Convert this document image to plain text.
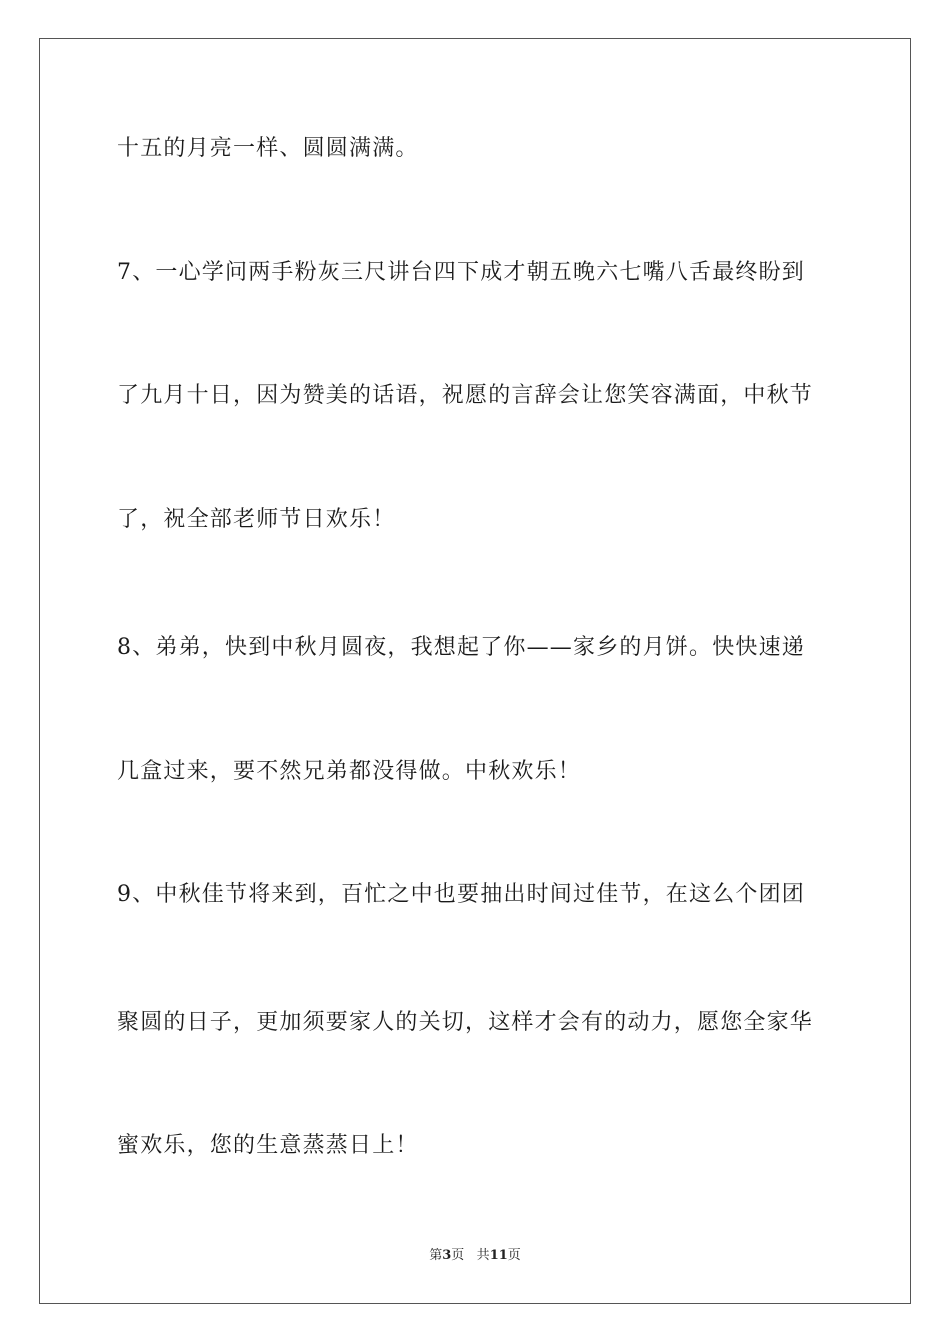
十五的月亮一样、圆圆满满。
7、一心学问两手粉灰三尺讲台四下成才朝五晚六七嘴八舌最终盼到
了九月十日，因为赞美的话语，祝愿的言辞会让您笑容满面，中秋节
了，祝全部老师节日欢乐！
8、弟弟，快到中秋月圆夜，我想起了你——家乡的月饼。快快速递
几盒过来，要不然兄弟都没得做。中秋欢乐！
9、中秋佳节将来到，百忙之中也要抽出时间过佳节，在这么个团团
聚圆的日子，更加须要家人的关切，这样才会有的动力，愿您全家华
蜜欢乐，您的生意蒸蒸日上！
第3页 共11页
